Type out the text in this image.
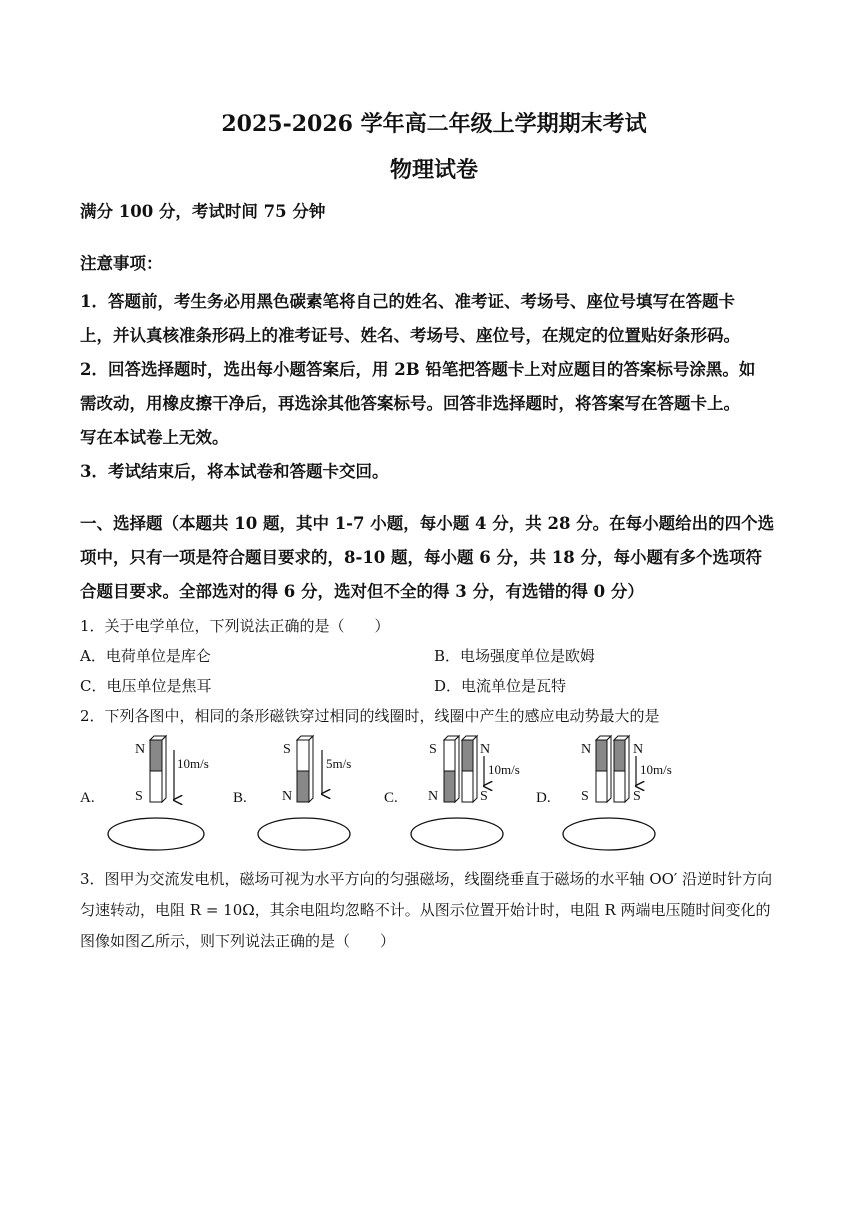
2025-2026 学年高二年级上学期期末考试
物理试卷
满分 100 分，考试时间 75 分钟
注意事项：
1．答题前，考生务必用黑色碳素笔将自己的姓名、准考证、考场号、座位号填写在答题卡
上，并认真核准条形码上的准考证号、姓名、考场号、座位号，在规定的位置贴好条形码。
2．回答选择题时，选出每小题答案后，用 2B 铅笔把答题卡上对应题目的答案标号涂黑。如
需改动，用橡皮擦干净后，再选涂其他答案标号。回答非选择题时，将答案写在答题卡上。
写在本试卷上无效。
3．考试结束后，将本试卷和答题卡交回。
一、选择题（本题共 10 题，其中 1-7 小题，每小题 4 分，共 28 分。在每小题给出的四个选
项中，只有一项是符合题目要求的，8-10 题，每小题 6 分，共 18 分，每小题有多个选项符
合题目要求。全部选对的得 6 分，选对但不全的得 3 分，有选错的得 0 分）
1．关于电学单位，下列说法正确的是（　　）
A．电荷单位是库仑	B．电场强度单位是欧姆
C．电压单位是焦耳	D．电流单位是瓦特
2．下列各图中，相同的条形磁铁穿过相同的线圈时，线圈中产生的感应电动势最大的是
A.
N
S
10m/s
B.
S
N
5m/s
C.
S
N
N
S
10m/s
D.
N
S
N
S
10m/s
3．图甲为交流发电机，磁场可视为水平方向的匀强磁场，线圈绕垂直于磁场的水平轴 OO′ 沿逆时针方向
匀速转动，电阻 R = 10Ω，其余电阻均忽略不计。从图示位置开始计时，电阻 R 两端电压随时间变化的
图像如图乙所示，则下列说法正确的是（　　）
